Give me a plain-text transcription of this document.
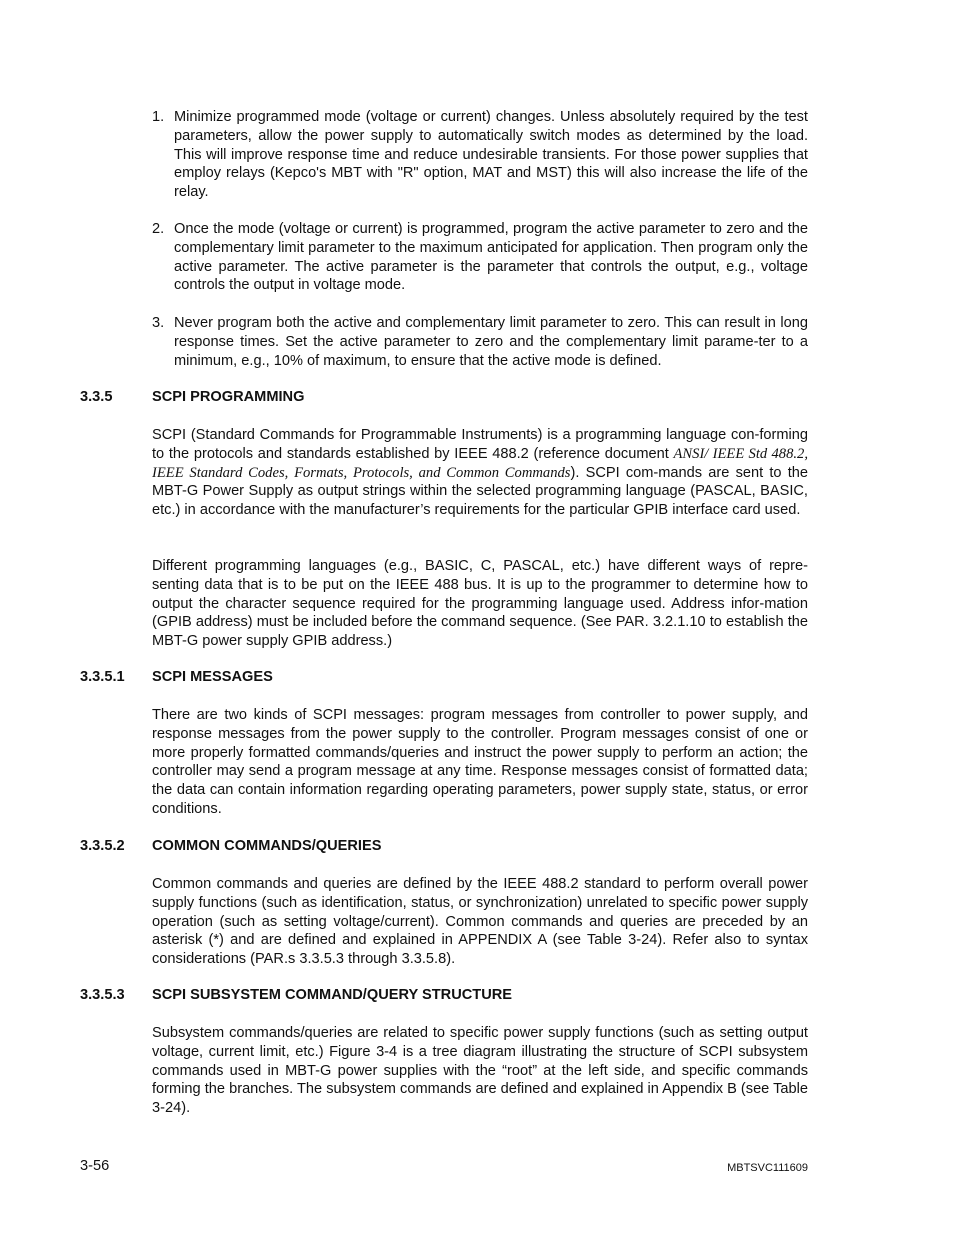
1. Minimize programmed mode (voltage or current) changes. Unless absolutely required by the test parameters, allow the power supply to automatically switch modes as determined by the load. This will improve response time and reduce undesirable transients. For those power supplies that employ relays (Kepco's MBT with "R" option, MAT and MST) this will also increase the life of the relay.

2. Once the mode (voltage or current) is programmed, program the active parameter to zero and the complementary limit parameter to the maximum anticipated for application. Then program only the active parameter. The active parameter is the parameter that controls the output, e.g., voltage controls the output in voltage mode.

3. Never program both the active and complementary limit parameter to zero. This can result in long response times. Set the active parameter to zero and the complementary limit parame-ter to a minimum, e.g., 10% of maximum, to ensure that the active mode is defined.

3.3.5	SCPI PROGRAMMING

SCPI (Standard Commands for Programmable Instruments) is a programming language con-forming to the protocols and standards established by IEEE 488.2 (reference document ANSI/ IEEE Std 488.2, IEEE Standard Codes, Formats, Protocols, and Common Commands). SCPI com-mands are sent to the MBT-G Power Supply as output strings within the selected programming language (PASCAL, BASIC, etc.) in accordance with the manufacturer’s requirements for the particular GPIB interface card used.

Different programming languages (e.g., BASIC, C, PASCAL, etc.) have different ways of repre-senting data that is to be put on the IEEE 488 bus. It is up to the programmer to determine how to output the character sequence required for the programming language used. Address infor-mation (GPIB address) must be included before the command sequence. (See PAR. 3.2.1.10 to establish the MBT-G power supply GPIB address.)

3.3.5.1 SCPI MESSAGES

There are two kinds of SCPI messages: program messages from controller to power supply, and response messages from the power supply to the controller. Program messages consist of one or more properly formatted commands/queries and instruct the power supply to perform an action; the controller may send a program message at any time. Response messages consist of formatted data; the data can contain information regarding operating parameters, power supply state, status, or error conditions.

3.3.5.2 COMMON COMMANDS/QUERIES

Common commands and queries are defined by the IEEE 488.2 standard to perform overall power supply functions (such as identification, status, or synchronization) unrelated to specific power supply operation (such as setting voltage/current). Common commands and queries are preceded by an asterisk (*) and are defined and explained in APPENDIX A (see Table 3-24). Refer also to syntax considerations (PAR.s 3.3.5.3 through 3.3.5.8).

3.3.5.3 SCPI SUBSYSTEM COMMAND/QUERY STRUCTURE

Subsystem commands/queries are related to specific power supply functions (such as setting output voltage, current limit, etc.) Figure 3-4 is a tree diagram illustrating the structure of SCPI subsystem commands used in MBT-G power supplies with the “root” at the left side, and specific commands forming the branches. The subsystem commands are defined and explained in Appendix B (see Table 3-24).

3-56	MBTSVC111609
